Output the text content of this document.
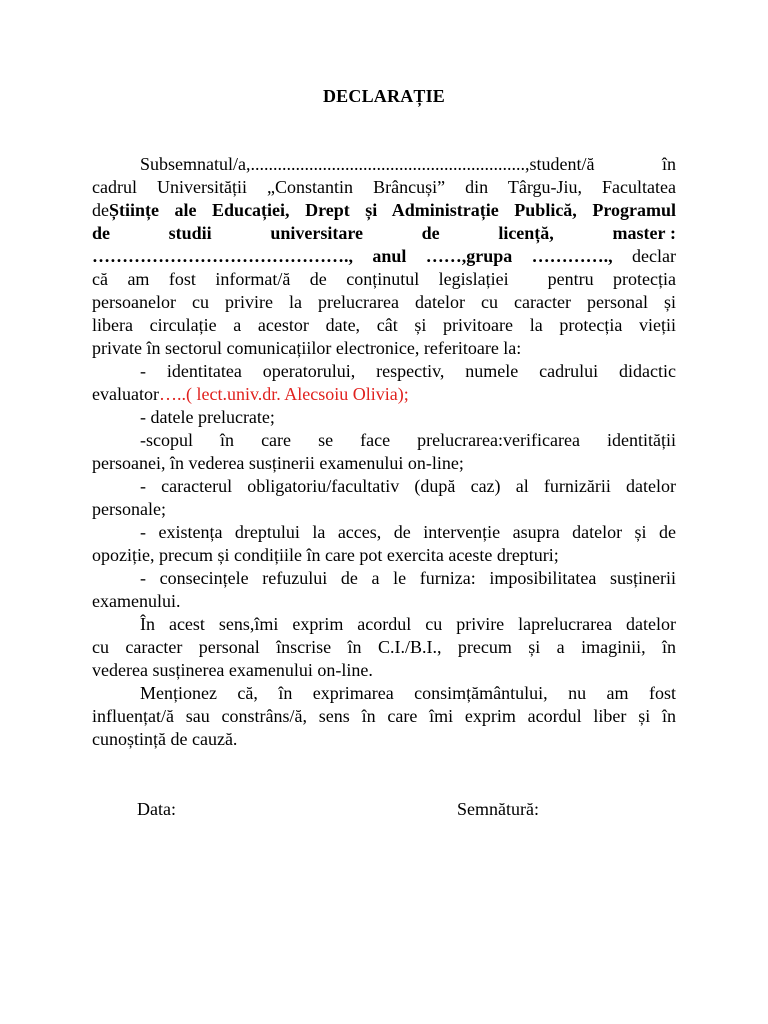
DECLARAȚIE
Subsemnatul/a,.............................................................,student/ă în
cadrul Universității „Constantin Brâncuși” din Târgu-Jiu, Facultatea
deȘtiințe ale Educației, Drept și Administrație Publică, Programul
de            studii            universitare            de            licență,            master :
……………………………………., anul ……,grupa …………., declar
că am fost informat/ă de conținutul legislației  pentru protecția
persoanelor cu privire la prelucrarea datelor cu caracter personal și
libera circulație a acestor date, cât și privitoare la protecția vieții
private în sectorul comunicațiilor electronice, referitoare la:
- identitatea operatorului, respectiv, numele cadrului didactic
evaluator…..( lect.univ.dr. Alecsoiu Olivia);
- datele prelucrate;
-scopul în care se face prelucrarea:verificarea identității
persoanei, în vederea susținerii examenului on-line;
- caracterul obligatoriu/facultativ (după caz) al furnizării datelor
personale;
- existența dreptului la acces, de intervenție asupra datelor și de
opoziție, precum și condițiile în care pot exercita aceste drepturi;
- consecințele refuzului de a le furniza: imposibilitatea susținerii
examenului.
În acest sens,îmi exprim acordul cu privire laprelucrarea datelor
cu caracter personal înscrise în C.I./B.I., precum și a imaginii, în
vederea susținerea examenului on-line.
Menționez că, în exprimarea consimțământului, nu am fost
influențat/ă sau constrâns/ă, sens în care îmi exprim acordul liber și în
cunoștință de cauză.
Data:	Semnătură:
